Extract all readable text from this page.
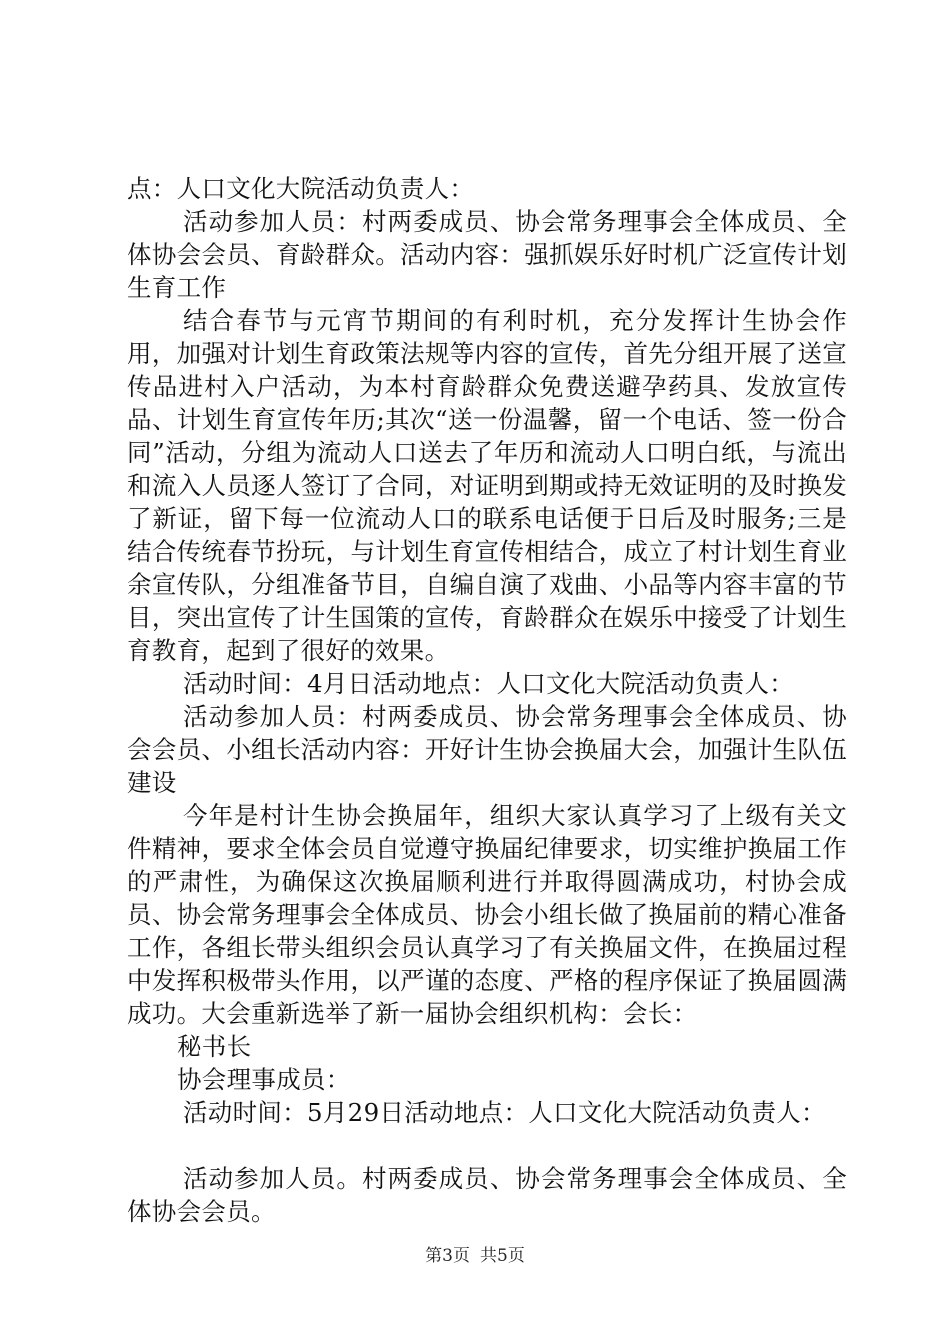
点：人口文化大院活动负责人：

活动参加人员：村两委成员、协会常务理事会全体成员、全体协会会员、育龄群众。活动内容：强抓娱乐好时机广泛宣传计划生育工作

结合春节与元宵节期间的有利时机，充分发挥计生协会作用，加强对计划生育政策法规等内容的宣传，首先分组开展了送宣传品进村入户活动，为本村育龄群众免费送避孕药具、发放宣传品、计划生育宣传年历;其次“送一份温馨，留一个电话、签一份合同”活动，分组为流动人口送去了年历和流动人口明白纸，与流出和流入人员逐人签订了合同，对证明到期或持无效证明的及时换发了新证，留下每一位流动人口的联系电话便于日后及时服务;三是结合传统春节扮玩，与计划生育宣传相结合，成立了村计划生育业余宣传队，分组准备节目，自编自演了戏曲、小品等内容丰富的节目，突出宣传了计生国策的宣传，育龄群众在娱乐中接受了计划生育教育，起到了很好的效果。

活动时间：4月日活动地点：人口文化大院活动负责人：

活动参加人员：村两委成员、协会常务理事会全体成员、协会会员、小组长活动内容：开好计生协会换届大会，加强计生队伍建设

今年是村计生协会换届年，组织大家认真学习了上级有关文件精神，要求全体会员自觉遵守换届纪律要求，切实维护换届工作的严肃性，为确保这次换届顺利进行并取得圆满成功，村协会成员、协会常务理事会全体成员、协会小组长做了换届前的精心准备工作，各组长带头组织会员认真学习了有关换届文件，在换届过程中发挥积极带头作用，以严谨的态度、严格的程序保证了换届圆满成功。大会重新选举了新一届协会组织机构：会长：

秘书长

协会理事成员：

活动时间：5月29日活动地点：人口文化大院活动负责人：

活动参加人员。村两委成员、协会常务理事会全体成员、全体协会会员。

第3页 共5页
